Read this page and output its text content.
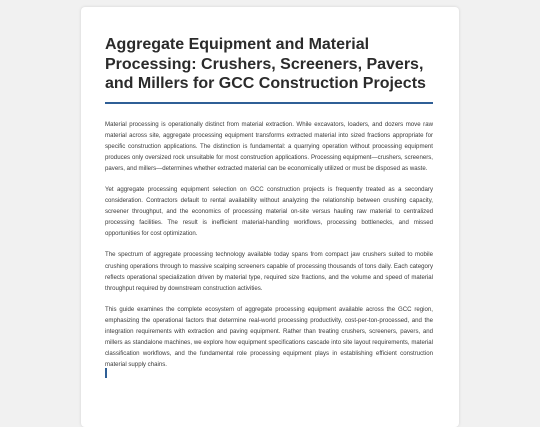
Aggregate Equipment and Material Processing: Crushers, Screeners, Pavers, and Millers for GCC Construction Projects

Material processing is operationally distinct from material extraction. While excavators, loaders, and dozers move raw material across site, aggregate processing equipment transforms extracted material into sized fractions appropriate for specific construction applications. The distinction is fundamental: a quarrying operation without processing equipment produces only oversized rock unsuitable for most construction applications. Processing equipment—crushers, screeners, pavers, and millers—determines whether extracted material can be economically utilized or must be disposed as waste.

Yet aggregate processing equipment selection on GCC construction projects is frequently treated as a secondary consideration. Contractors default to rental availability without analyzing the relationship between crushing capacity, screener throughput, and the economics of processing material on-site versus hauling raw material to centralized processing facilities. The result is inefficient material-handling workflows, processing bottlenecks, and missed opportunities for cost optimization.

The spectrum of aggregate processing technology available today spans from compact jaw crushers suited to mobile crushing operations through to massive scalping screeners capable of processing thousands of tons daily. Each category reflects operational specialization driven by material type, required size fractions, and the volume and speed of material throughput required by downstream construction activities.

This guide examines the complete ecosystem of aggregate processing equipment available across the GCC region, emphasizing the operational factors that determine real-world processing productivity, cost-per-ton-processed, and the integration requirements with extraction and paving equipment. Rather than treating crushers, screeners, pavers, and millers as standalone machines, we explore how equipment specifications cascade into site layout requirements, material classification workflows, and the fundamental role processing equipment plays in establishing efficient construction material supply chains.
